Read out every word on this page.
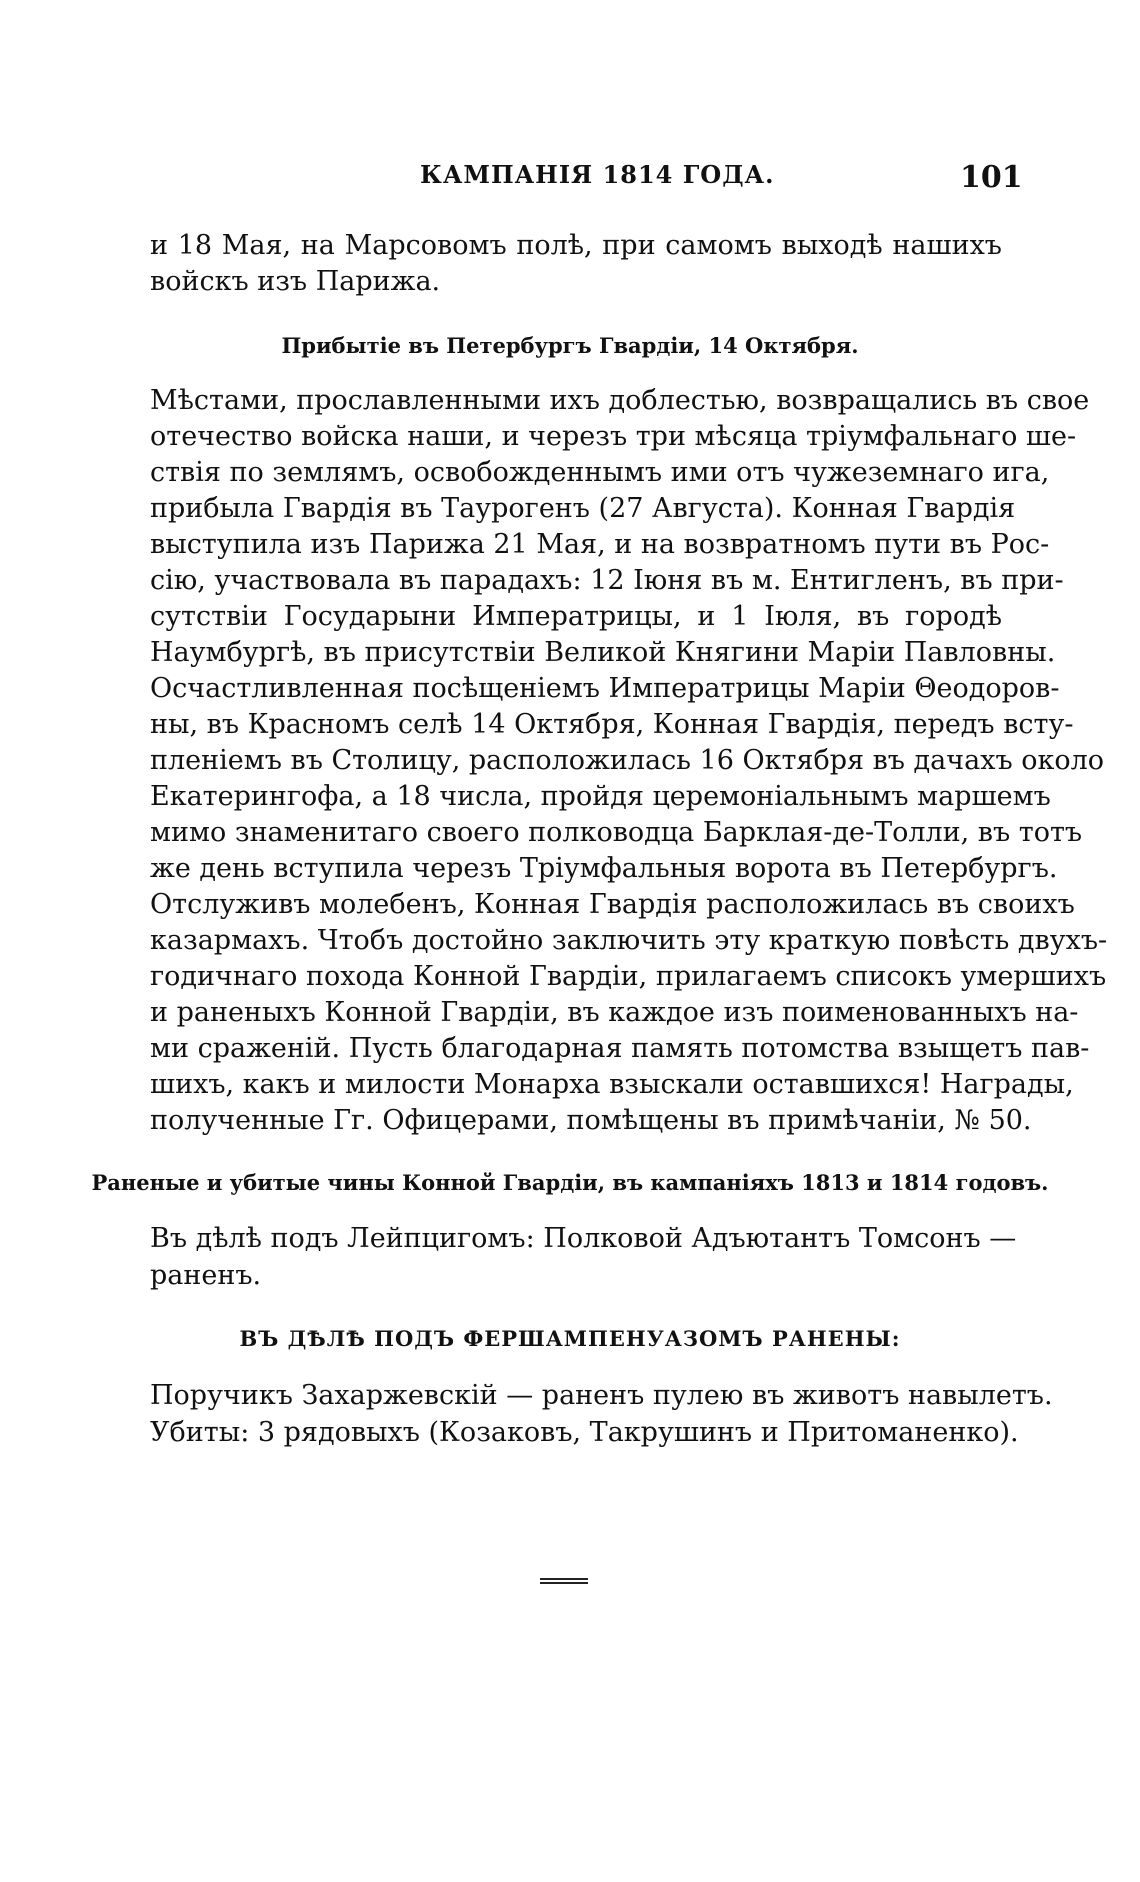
КАМПАНIЯ 1814 ГОДА.	101
и 18 Мая, на Марсовомъ полѣ, при самомъ выходѣ нашихъ
войскъ изъ Парижа.
Прибытiе въ Петербургъ Гвардiи, 14 Октября.
Мѣстами, прославленными ихъ доблестью, возвращались въ свое
отечество войска наши, и черезъ три мѣсяца трiумфальнаго ше-
ствiя по землямъ, освобожденнымъ ими отъ чужеземнаго ига,
прибыла Гвардiя въ Таурогенъ (27 Августа). Конная Гвардiя
выступила изъ Парижа 21 Мая, и на возвратномъ пути въ Рос-
сiю, участвовала въ парадахъ: 12 Iюня въ м. Ентигленъ, въ при-
сутствiи Государыни Императрицы, и 1 Iюля, въ городѣ
Наумбургѣ, въ присутствiи Великой Княгини Марiи Павловны.
Осчастливленная посѣщенiемъ Императрицы Марiи Θеодоров-
ны, въ Красномъ селѣ 14 Октября, Конная Гвардiя, передъ всту-
пленiемъ въ Столицу, расположилась 16 Октября въ дачахъ около
Екатерингофа, а 18 числа, пройдя церемонiальнымъ маршемъ
мимо знаменитаго своего полководца Барклая-де-Толли, въ тотъ
же день вступила черезъ Трiумфальныя ворота въ Петербургъ.
Отслуживъ молебенъ, Конная Гвардiя расположилась въ своихъ
казармахъ. Чтобъ достойно заключить эту краткую повѣсть двухъ-
годичнаго похода Конной Гвардiи, прилагаемъ списокъ умершихъ
и раненыхъ Конной Гвардiи, въ каждое изъ поименованныхъ на-
ми сраженiй. Пусть благодарная память потомства взыщетъ пав-
шихъ, какъ и милости Монарха взыскали оставшихся! Награды,
полученные Гг. Офицерами, помѣщены въ примѣчанiи, № 50.
Раненые и убитые чины Конной Гвардiи, въ кампанiяхъ 1813 и 1814 годовъ.
Въ дѣлѣ подъ Лейпцигомъ: Полковой Адъютантъ Томсонъ —
раненъ.
ВЪ ДѢЛѢ ПОДЪ ФЕРШАМПЕНУАЗОМЪ РАНЕНЫ:
Поручикъ Захаржевскiй — раненъ пулею въ животъ навылетъ.
Убиты: 3 рядовыхъ (Козаковъ, Такрушинъ и Притоманенко).
